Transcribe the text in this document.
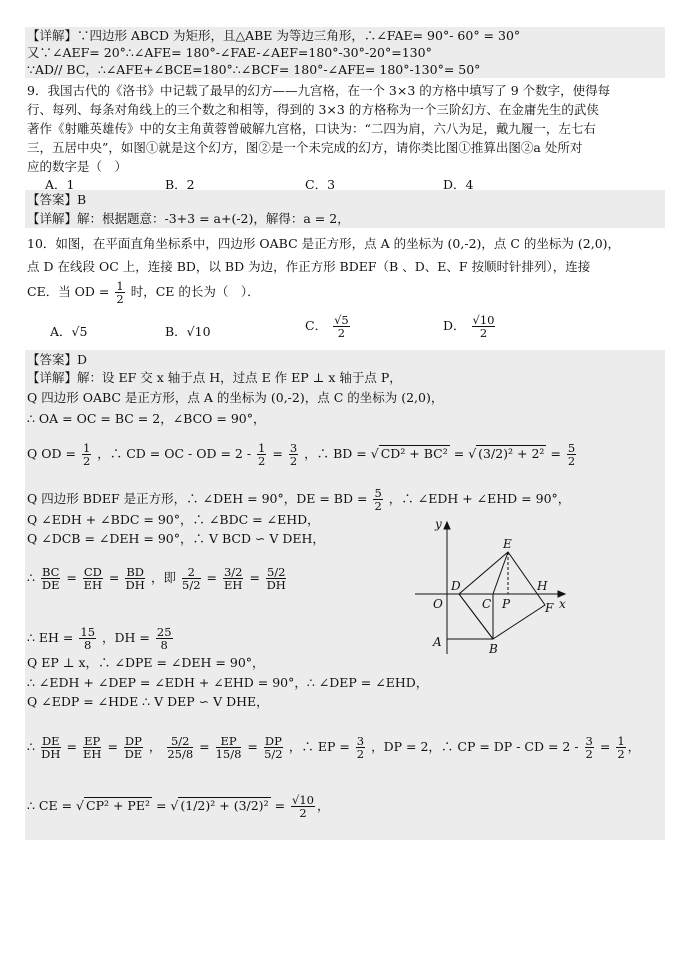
【详解】∵四边形 ABCD 为矩形，且△ABE 为等边三角形，∴∠FAE= 90°- 60° = 30°
又∵∠AEF= 20°∴∠AFE= 180°-∠FAE-∠AEF=180°-30°-20°=130°
∵AD// BC，∴∠AFE+∠BCE=180°∴∠BCF= 180°-∠AFE= 180°-130°= 50°
9．我国古代的《洛书》中记载了最早的幻方——九宫格，在一个 3×3 的方格中填写了 9 个数字，使得每
行、每列、每条对角线上的三个数之和相等，得到的 3×3 的方格称为一个三阶幻方、在金庸先生的武侠
著作《射雕英雄传》中的女主角黄蓉曾破解九宫格，口诀为：“二四为肩，六八为足，戴九履一，左七右
三，五居中央”，如图①就是这个幻方，图②是一个未完成的幻方，请你类比图①推算出图②a 处所对
应的数字是（　）
A．1	B．2	C．3	D．4
【答案】B
【详解】解：根据题意：-3+3 = a+(-2)，解得：a = 2，
10．如图，在平面直角坐标系中，四边形 OABC 是正方形，点 A 的坐标为 (0,-2)，点 C 的坐标为 (2,0)，
点 D 在线段 OC 上，连接 BD，以 BD 为边，作正方形 BDEF（B 、D、E、F 按顺时针排列），连接
CE．当 OD = $\frac{1}{2}$ 时，CE 的长为（　）．
A．√5	B．√10	C． $\frac{√5}{2}$	D． $\frac{√10}{2}$
【答案】D
【详解】解：设 EF 交 x 轴于点 H，过点 E 作 EP ⊥ x 轴于点 P，
Q 四边形 OABC 是正方形，点 A 的坐标为 (0,-2)，点 C 的坐标为 (2,0)，
∴ OA = OC = BC = 2，∠BCO = 90°，
Q OD = $\frac{1}{2}$ ，∴ CD = OC - OD = $2 - \frac{1}{2} = \frac{3}{2}$ ，∴ BD = √ CD² + BC² = √ $(3/2)^2 + 2^2 = \frac{5}{2}$
Q 四边形 BDEF 是正方形，∴ ∠DEH = 90°，DE = BD = $\frac{5}{2}$ ，∴ ∠EDH + ∠EHD = 90°，
Q ∠EDH + ∠BDC = 90°，∴ ∠BDC = ∠EHD，
Q ∠DCB = ∠DEH = 90°，∴ V BCD ∽ V DEH，
∴ $\frac{BC}{DE} = \frac{CD}{EH} = \frac{BD}{DH}$ ，即 $\frac{2}{5/2} = \frac{3/2}{EH} = \frac{5/2}{DH}$
∴ EH = $\frac{15}{8}$ ，DH = $\frac{25}{8}$
Q EP ⊥ x，∴ ∠DPE = ∠DEH = 90°，
∴ ∠EDH + ∠DEP = ∠EDH + ∠EHD = 90°，∴ ∠DEP = ∠EHD，
Q ∠EDP = ∠HDE ∴ V DEP ∽ V DHE，
∴ $\frac{DE}{DH} = \frac{EP}{EH} = \frac{DP}{DE}$ ， $\frac{5/2}{25/8} = \frac{EP}{15/8} = \frac{DP}{5/2}$ ，∴ EP = $\frac{3}{2}$ ，DP = 2，∴ CP = DP - CD = $2 - \frac{3}{2} = \frac{1}{2}$ ，
∴ CE = √ CP² + PE² = √ $(1/2)^2 + (3/2)^2 = \frac{√10}{2}$ ，
y
x
O
D
E
H
C P	F
A	B
